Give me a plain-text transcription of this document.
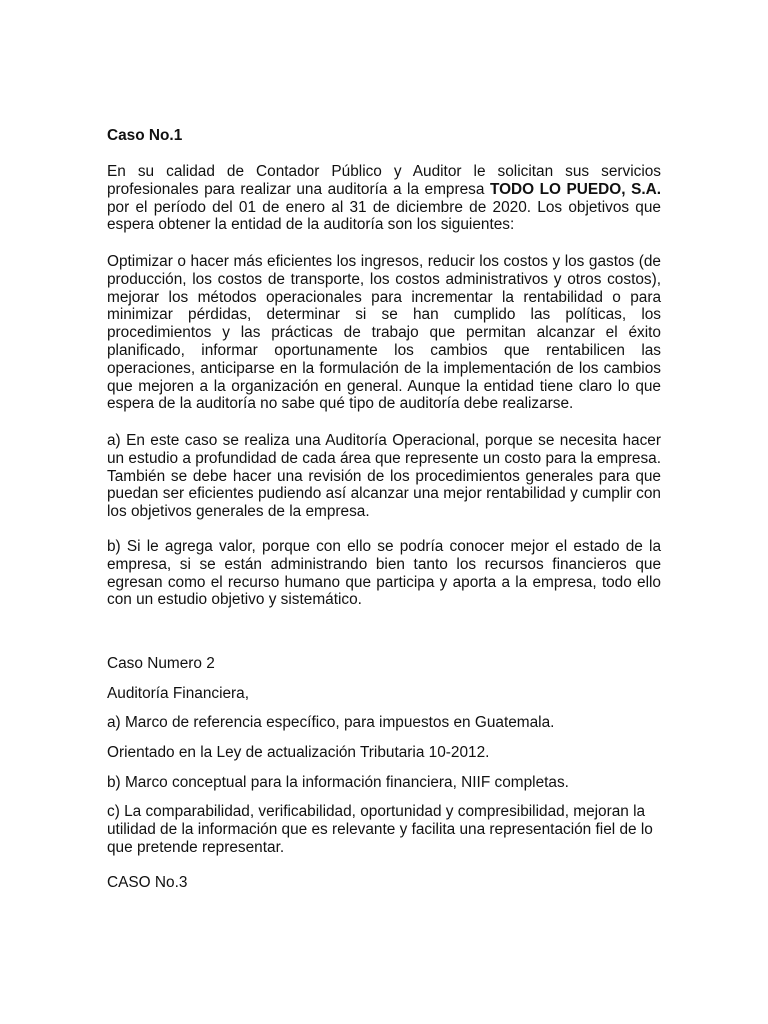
Caso No.1

En su calidad de Contador Público y Auditor le solicitan sus servicios profesionales para realizar una auditoría a la empresa TODO LO PUEDO, S.A. por el período del 01 de enero al 31 de diciembre de 2020. Los objetivos que espera obtener la entidad de la auditoría son los siguientes:

Optimizar o hacer más eficientes los ingresos, reducir los costos y los gastos (de producción, los costos de transporte, los costos administrativos y otros costos), mejorar los métodos operacionales para incrementar la rentabilidad o para minimizar pérdidas, determinar si se han cumplido las políticas, los procedimientos y las prácticas de trabajo que permitan alcanzar el éxito planificado, informar oportunamente los cambios que rentabilicen las operaciones, anticiparse en la formulación de la implementación de los cambios que mejoren a la organización en general. Aunque la entidad tiene claro lo que espera de la auditoría no sabe qué tipo de auditoría debe realizarse.

a) En este caso se realiza una Auditoría Operacional, porque se necesita hacer un estudio a profundidad de cada área que represente un costo para la empresa. También se debe hacer una revisión de los procedimientos generales para que puedan ser eficientes pudiendo así alcanzar una mejor rentabilidad y cumplir con los objetivos generales de la empresa.

b) Si le agrega valor, porque con ello se podría conocer mejor el estado de la empresa, si se están administrando bien tanto los recursos financieros que egresan como el recurso humano que participa y aporta a la empresa, todo ello con un estudio objetivo y sistemático.

Caso Numero 2

Auditoría Financiera,

a) Marco de referencia específico, para impuestos en Guatemala.

Orientado en la Ley de actualización Tributaria 10-2012.

b) Marco conceptual para la información financiera, NIIF completas.

c) La comparabilidad, verificabilidad, oportunidad y compresibilidad, mejoran la utilidad de la información que es relevante y facilita una representación fiel de lo que pretende representar.

CASO No.3
